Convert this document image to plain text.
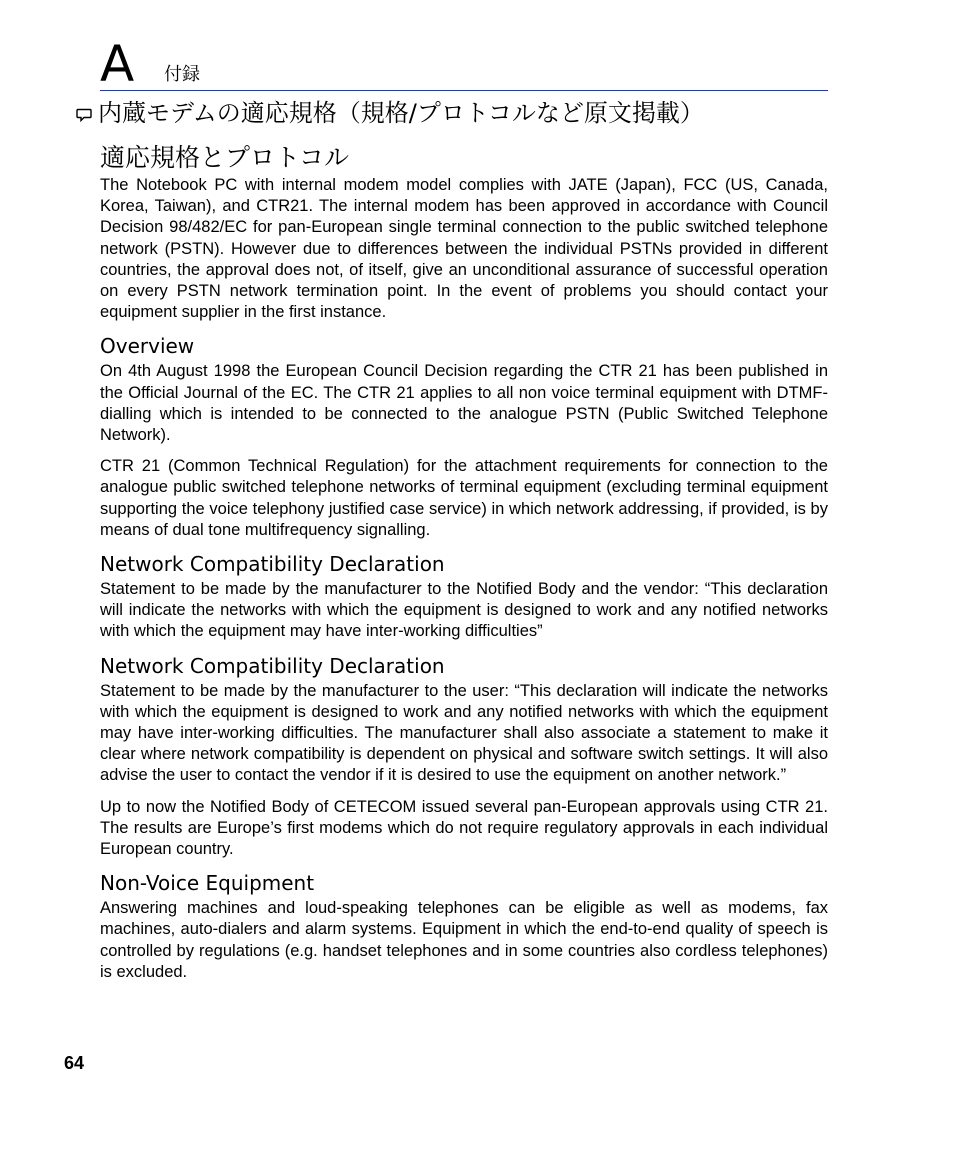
A 付録
内蔵モデムの適応規格（規格/プロトコルなど原文掲載）
適応規格とプロトコル

The Notebook PC with internal modem model complies with JATE (Japan), FCC (US, Canada, Korea, Taiwan), and CTR21. The internal modem has been approved in accordance with Council Decision 98/482/EC for pan-European single terminal connection to the public switched telephone network (PSTN). However due to differences between the individual PSTNs provided in different countries, the approval does not, of itself, give an unconditional assurance of successful operation on every PSTN network termination point. In the event of problems you should contact your equipment supplier in the first instance.

Overview

On 4th August 1998 the European Council Decision regarding the CTR 21 has been published in the Official Journal of the EC. The CTR 21 applies to all non voice terminal equipment with DTMF-dialling which is intended to be connected to the analogue PSTN (Public Switched Telephone Network).

CTR 21 (Common Technical Regulation) for the attachment requirements for connection to the analogue public switched telephone networks of terminal equipment (excluding terminal equipment supporting the voice telephony justified case service) in which network addressing, if provided, is by means of dual tone multifrequency signalling.

Network Compatibility Declaration

Statement to be made by the manufacturer to the Notified Body and the vendor: “This declaration will indicate the networks with which the equipment is designed to work and any notified networks with which the equipment may have inter-working difficulties”

Network Compatibility Declaration

Statement to be made by the manufacturer to the user: “This declaration will indicate the networks with which the equipment is designed to work and any notified networks with which the equipment may have inter-working difficulties. The manufacturer shall also associate a statement to make it clear where network compatibility is dependent on physical and software switch settings. It will also advise the user to contact the vendor if it is desired to use the equipment on another network.”

Up to now the Notified Body of CETECOM issued several pan-European approvals using CTR 21. The results are Europe’s first modems which do not require regulatory approvals in each individual European country.

Non-Voice Equipment

Answering machines and loud-speaking telephones can be eligible as well as modems, fax machines, auto-dialers and alarm systems. Equipment in which the end-to-end quality of speech is controlled by regulations (e.g. handset telephones and in some countries also cordless telephones) is excluded.

64
